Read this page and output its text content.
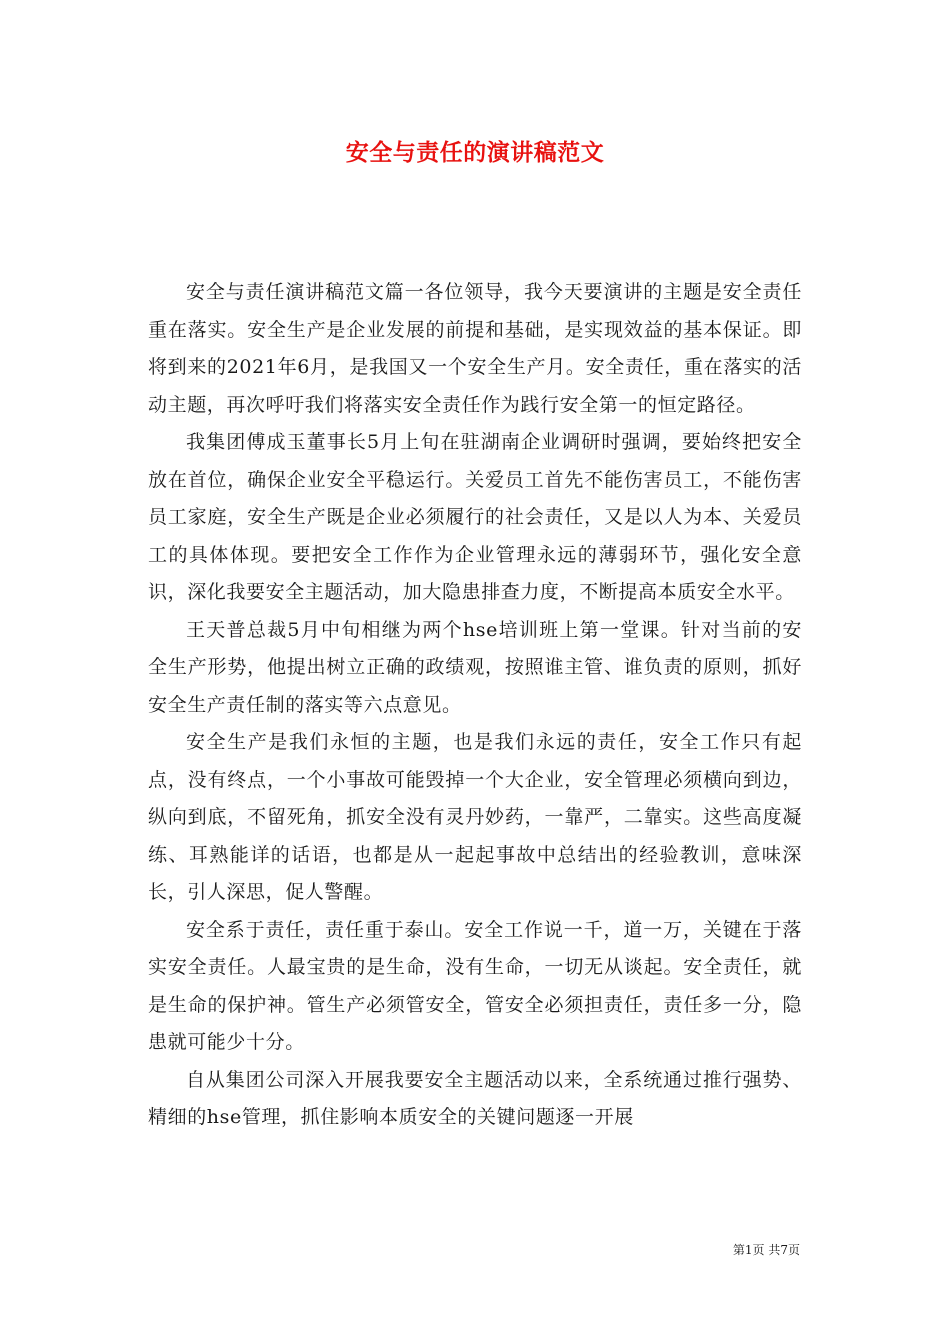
安全与责任的演讲稿范文

安全与责任演讲稿范文篇一各位领导，我今天要演讲的主题是安全责任重在落实。安全生产是企业发展的前提和基础，是实现效益的基本保证。即将到来的2021年6月，是我国又一个安全生产月。安全责任，重在落实的活动主题，再次呼吁我们将落实安全责任作为践行安全第一的恒定路径。

我集团傅成玉董事长5月上旬在驻湖南企业调研时强调，要始终把安全放在首位，确保企业安全平稳运行。关爱员工首先不能伤害员工，不能伤害员工家庭，安全生产既是企业必须履行的社会责任，又是以人为本、关爱员工的具体体现。要把安全工作作为企业管理永远的薄弱环节，强化安全意识，深化我要安全主题活动，加大隐患排查力度，不断提高本质安全水平。

王天普总裁5月中旬相继为两个hse培训班上第一堂课。针对当前的安全生产形势，他提出树立正确的政绩观，按照谁主管、谁负责的原则，抓好安全生产责任制的落实等六点意见。

安全生产是我们永恒的主题，也是我们永远的责任，安全工作只有起点，没有终点，一个小事故可能毁掉一个大企业，安全管理必须横向到边，纵向到底，不留死角，抓安全没有灵丹妙药，一靠严，二靠实。这些高度凝练、耳熟能详的话语，也都是从一起起事故中总结出的经验教训，意味深长，引人深思，促人警醒。

安全系于责任，责任重于泰山。安全工作说一千，道一万，关键在于落实安全责任。人最宝贵的是生命，没有生命，一切无从谈起。安全责任，就是生命的保护神。管生产必须管安全，管安全必须担责任，责任多一分，隐患就可能少十分。

自从集团公司深入开展我要安全主题活动以来，全系统通过推行强势、精细的hse管理，抓住影响本质安全的关键问题逐一开展

第1页 共7页
